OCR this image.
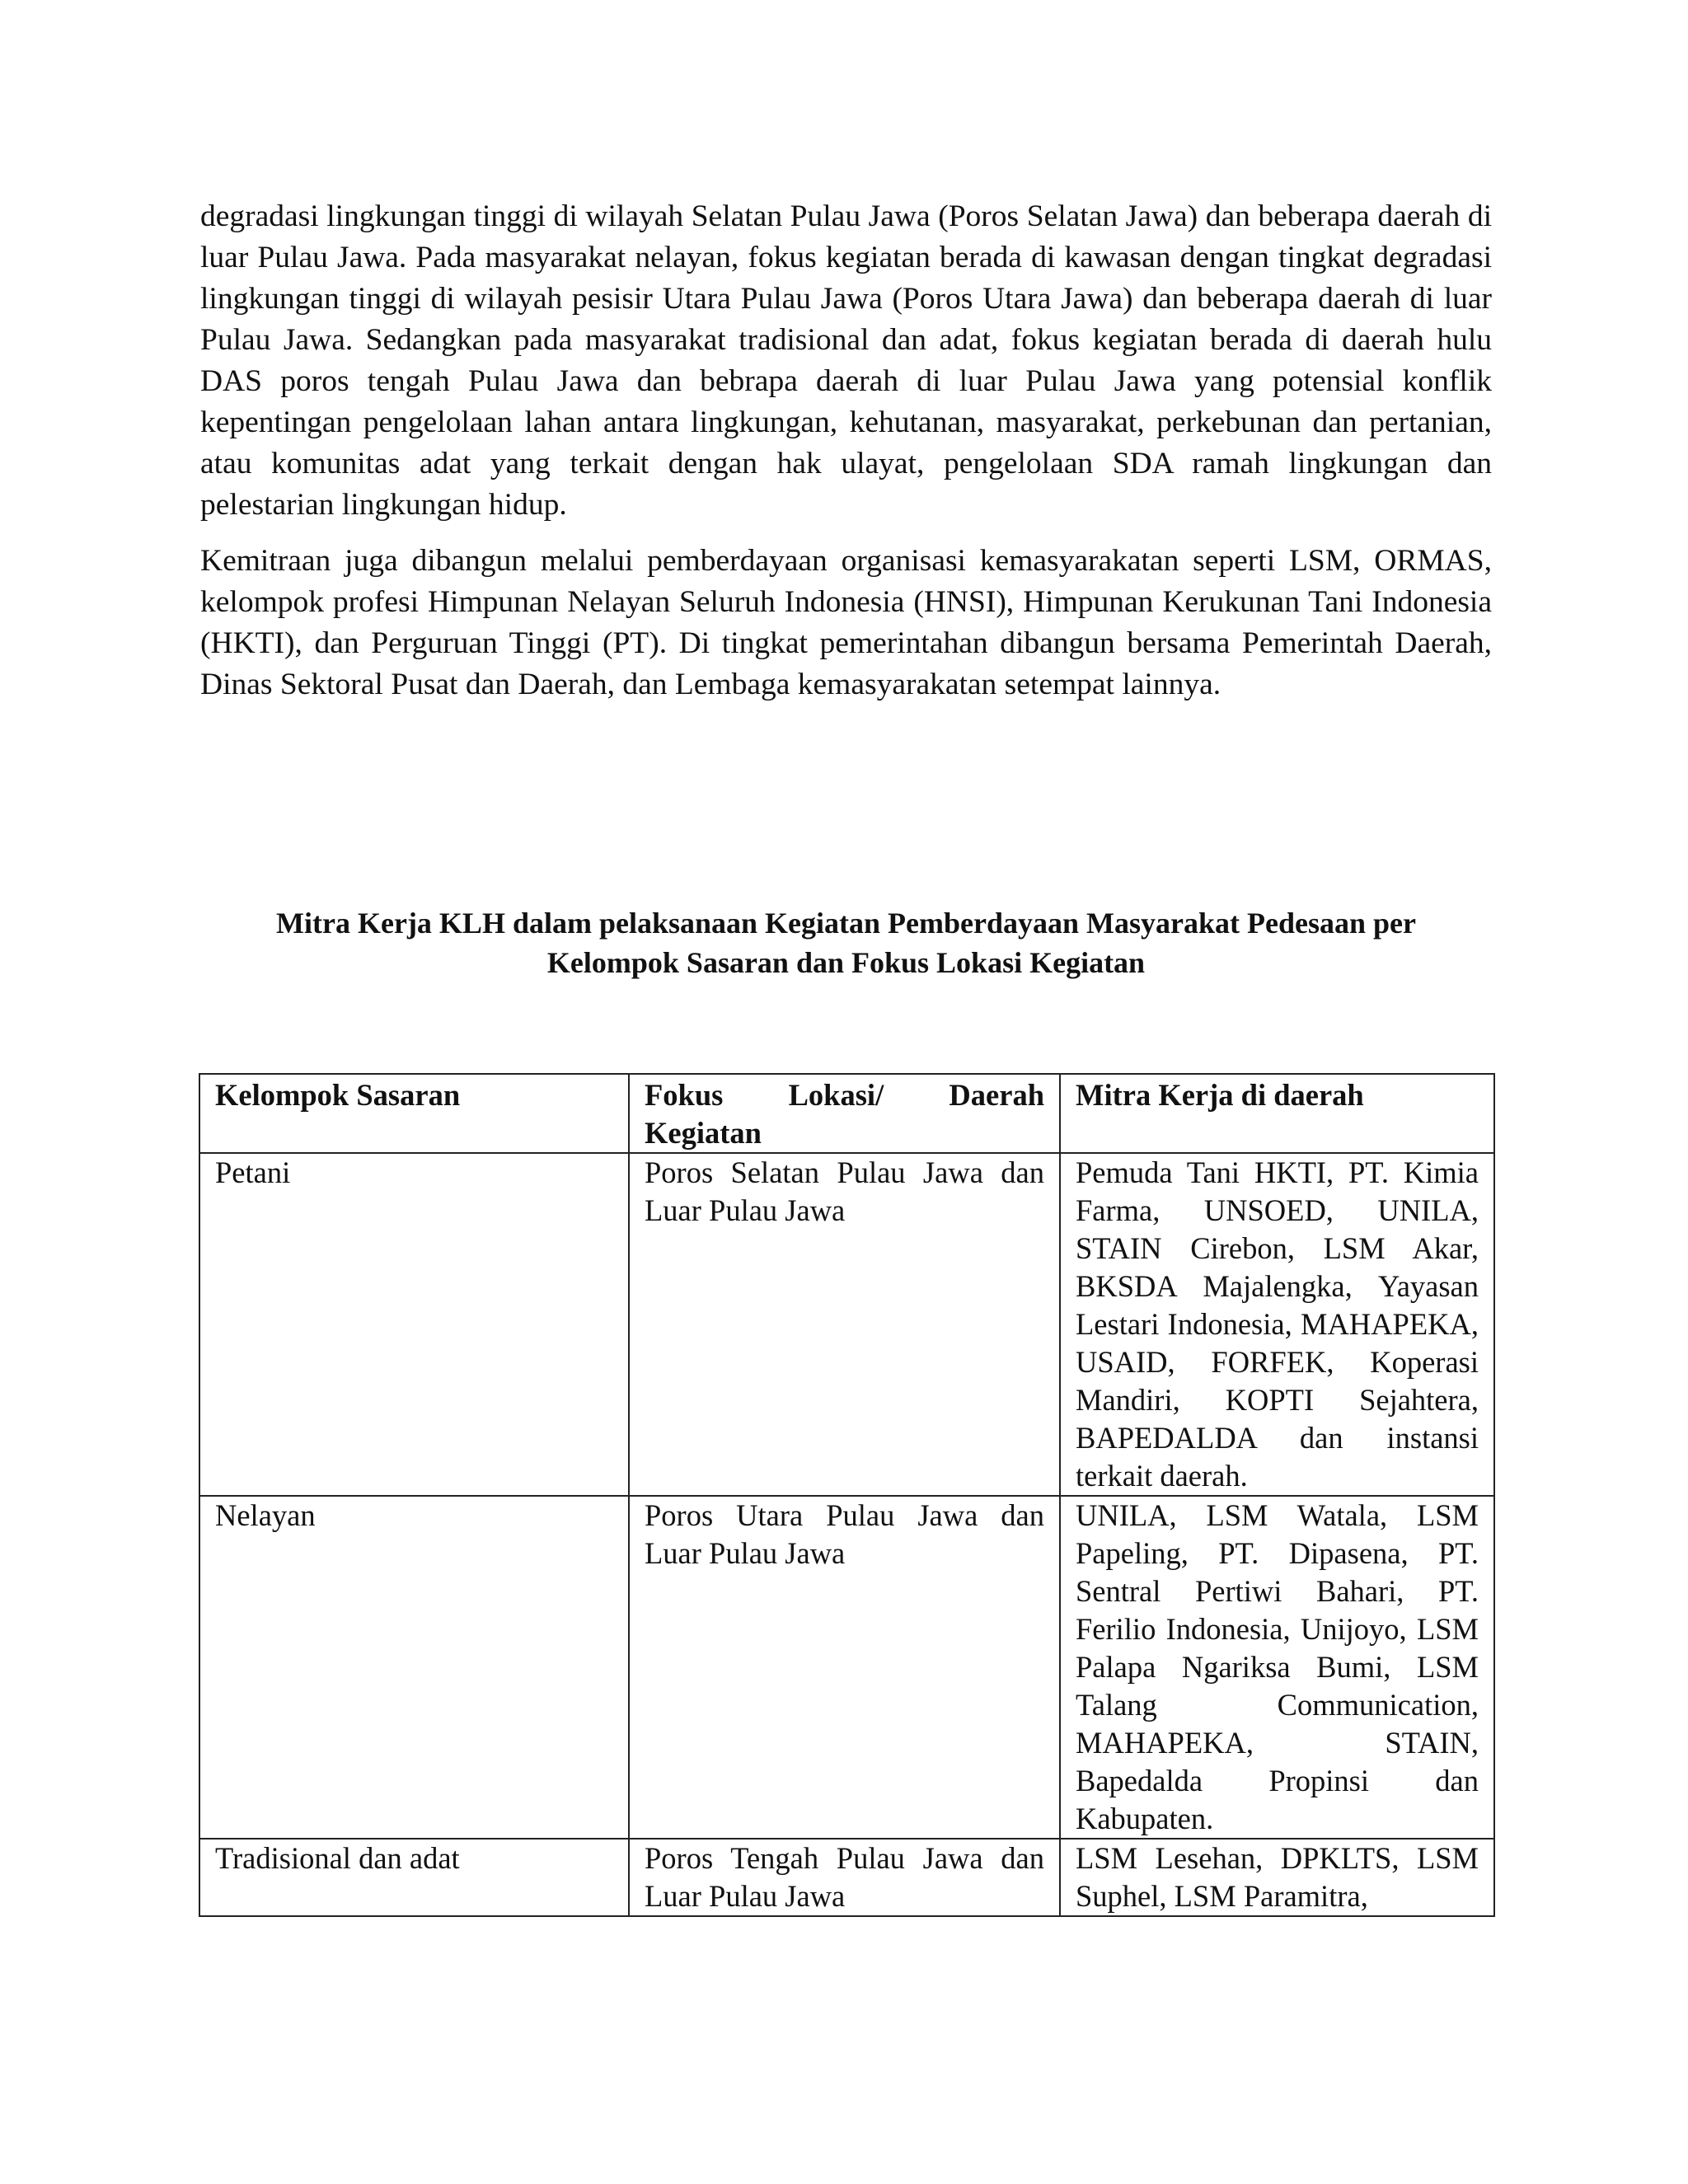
degradasi lingkungan tinggi di wilayah Selatan Pulau Jawa (Poros Selatan Jawa) dan beberapa daerah di luar Pulau Jawa. Pada masyarakat nelayan, fokus kegiatan berada di kawasan dengan tingkat degradasi lingkungan tinggi di wilayah pesisir Utara Pulau Jawa (Poros Utara Jawa) dan beberapa daerah di luar Pulau Jawa. Sedangkan pada masyarakat tradisional dan adat, fokus kegiatan berada di daerah hulu DAS poros tengah Pulau Jawa dan bebrapa daerah di luar Pulau Jawa yang potensial konflik kepentingan pengelolaan lahan antara lingkungan, kehutanan, masyarakat, perkebunan dan pertanian, atau komunitas adat yang terkait dengan hak ulayat, pengelolaan SDA ramah lingkungan dan pelestarian lingkungan hidup.

Kemitraan juga dibangun melalui pemberdayaan organisasi kemasyarakatan seperti LSM, ORMAS, kelompok profesi Himpunan Nelayan Seluruh Indonesia (HNSI), Himpunan Kerukunan Tani Indonesia (HKTI), dan Perguruan Tinggi (PT). Di tingkat pemerintahan dibangun bersama Pemerintah Daerah, Dinas Sektoral Pusat dan Daerah, dan Lembaga kemasyarakatan setempat lainnya.

Mitra Kerja KLH dalam pelaksanaan Kegiatan Pemberdayaan Masyarakat Pedesaan per
Kelompok Sasaran dan Fokus Lokasi Kegiatan
Kelompok Sasaran	Fokus Lokasi/ Daerah Kegiatan	Mitra Kerja di daerah
Petani	Poros Selatan Pulau Jawa dan Luar Pulau Jawa	Pemuda Tani HKTI, PT. Kimia Farma, UNSOED, UNILA, STAIN Cirebon, LSM Akar, BKSDA Majalengka, Yayasan Lestari Indonesia, MAHAPEKA, USAID, FORFEK, Koperasi Mandiri, KOPTI Sejahtera, BAPEDALDA dan instansi terkait daerah.
Nelayan	Poros Utara Pulau Jawa dan Luar Pulau Jawa	UNILA, LSM Watala, LSM Papeling, PT. Dipasena, PT. Sentral Pertiwi Bahari, PT. Ferilio Indonesia, Unijoyo, LSM Palapa Ngariksa Bumi, LSM Talang Communication, MAHAPEKA, STAIN, Bapedalda Propinsi dan Kabupaten.
Tradisional dan adat	Poros Tengah Pulau Jawa dan Luar Pulau Jawa	LSM Lesehan, DPKLTS, LSM Suphel, LSM Paramitra,
